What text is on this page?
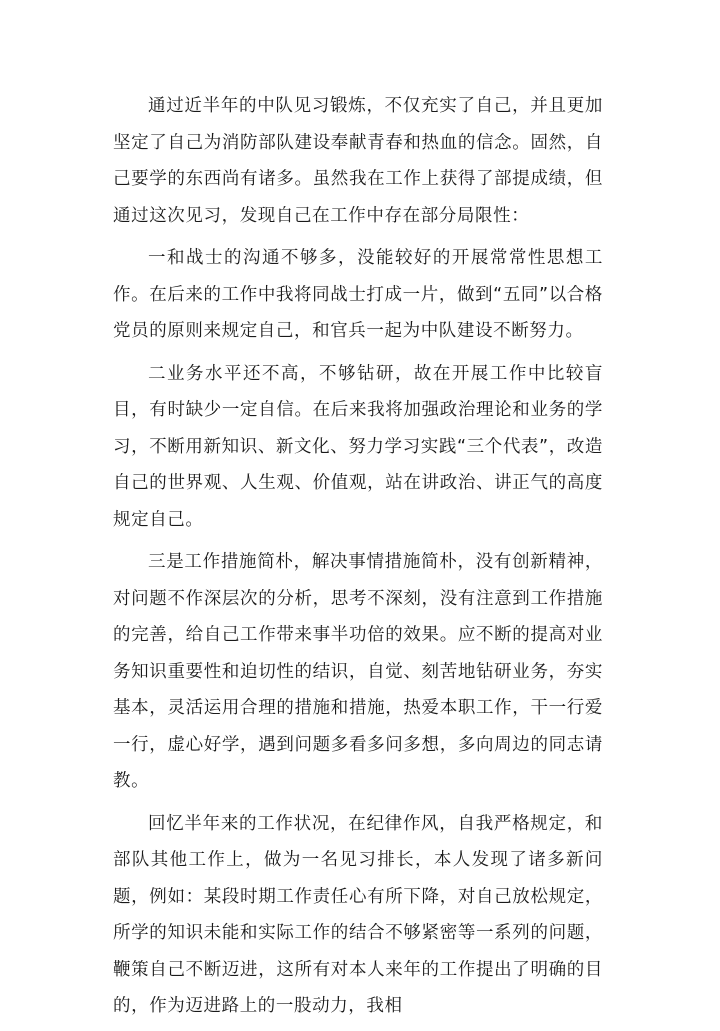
通过近半年的中队见习锻炼，不仅充实了自己，并且更加坚定了自己为消防部队建设奉献青春和热血的信念。固然，自己要学的东西尚有诸多。虽然我在工作上获得了部提成绩，但通过这次见习，发现自己在工作中存在部分局限性：

一和战士的沟通不够多，没能较好的开展常常性思想工作。在后来的工作中我将同战士打成一片，做到“五同”以合格党员的原则来规定自己，和官兵一起为中队建设不断努力。

二业务水平还不高，不够钻研，故在开展工作中比较盲目，有时缺少一定自信。在后来我将加强政治理论和业务的学习，不断用新知识、新文化、努力学习实践“三个代表”，改造自己的世界观、人生观、价值观，站在讲政治、讲正气的高度规定自己。

三是工作措施简朴，解决事情措施简朴，没有创新精神，对问题不作深层次的分析，思考不深刻，没有注意到工作措施的完善，给自己工作带来事半功倍的效果。应不断的提高对业务知识重要性和迫切性的结识，自觉、刻苦地钻研业务，夯实基本，灵活运用合理的措施和措施，热爱本职工作，干一行爱一行，虚心好学，遇到问题多看多问多想，多向周边的同志请教。

回忆半年来的工作状况，在纪律作风，自我严格规定，和部队其他工作上，做为一名见习排长，本人发现了诸多新问题，例如：某段时期工作责任心有所下降，对自己放松规定，所学的知识未能和实际工作的结合不够紧密等一系列的问题，鞭策自己不断迈进，这所有对本人来年的工作提出了明确的目的，作为迈进路上的一股动力，我相
